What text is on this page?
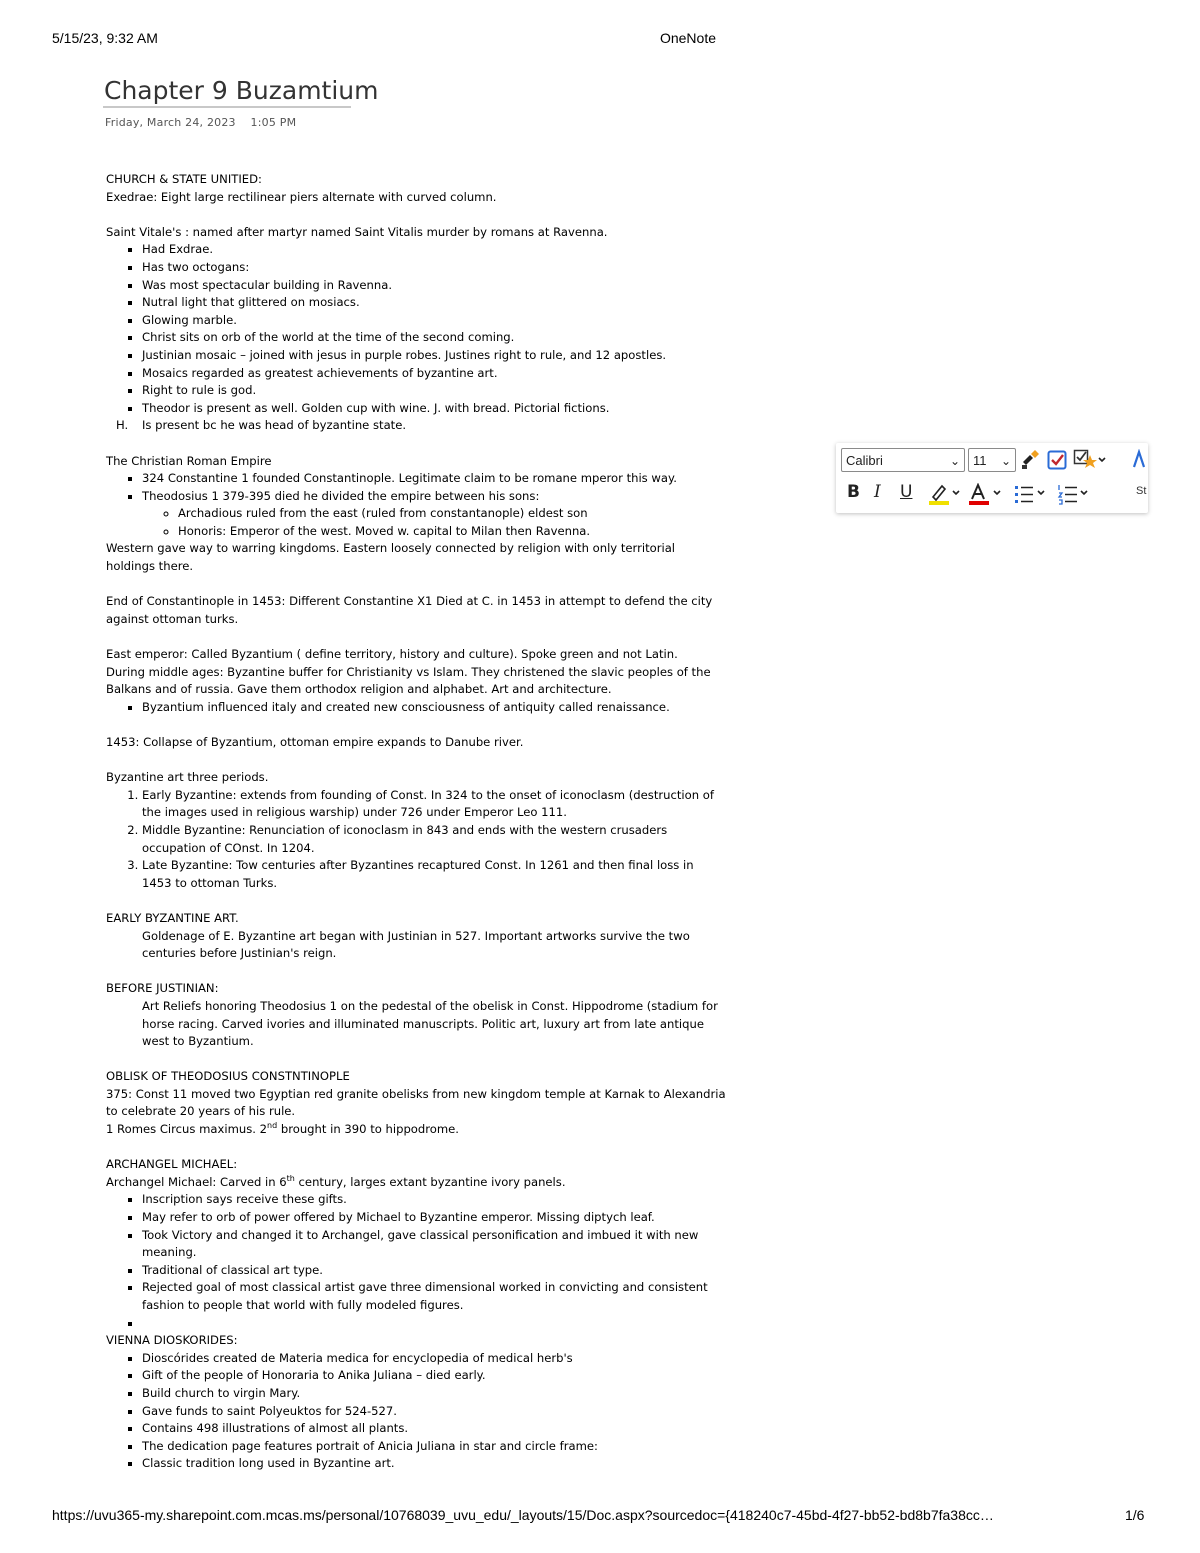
5/15/23, 9:32 AM	OneNote
Chapter 9 Buzamtium
Friday, March 24, 2023 1:05 PM

CHURCH & STATE UNITIED:

Exedrae: Eight large rectilinear piers alternate with curved column.

Saint Vitale's : named after martyr named Saint Vitalis murder by romans at Ravenna.

▪ Had Exdrae.
▪ Has two octogans:
▪ Was most spectacular building in Ravenna.
▪ Nutral light that glittered on mosiacs.
▪ Glowing marble.
▪ Christ sits on orb of the world at the time of the second coming.
▪ Justinian mosaic – joined with jesus in purple robes. Justines right to rule, and 12 apostles.
▪ Mosaics regarded as greatest achievements of byzantine art.
▪ Right to rule is god.
▪ Theodor is present as well. Golden cup with wine. J. with bread. Pictorial fictions.

H. Is present bc he was head of byzantine state.

The Christian Roman Empire

▪ 324 Constantine 1 founded Constantinople. Legitimate claim to be romane mperor this way.
▪ Theodosius 1 379-395 died he divided the empire between his sons:
◦ Archadious ruled from the east (ruled from constantanople) eldest son
◦ Honoris: Emperor of the west. Moved w. capital to Milan then Ravenna.

Western gave way to warring kingdoms. Eastern loosely connected by religion with only territorial holdings there.

End of Constantinople in 1453: Different Constantine X1 Died at C. in 1453 in attempt to defend the city against ottoman turks.

East emperor: Called Byzantium ( define territory, history and culture). Spoke green and not Latin.

During middle ages: Byzantine buffer for Christianity vs Islam. They christened the slavic peoples of the Balkans and of russia. Gave them orthodox religion and alphabet. Art and architecture.

▪ Byzantium influenced italy and created new consciousness of antiquity called renaissance.

1453: Collapse of Byzantium, ottoman empire expands to Danube river.

Byzantine art three periods.

1. Early Byzantine: extends from founding of Const. In 324 to the onset of iconoclasm (destruction of the images used in religious warship) under 726 under Emperor Leo 111.
2. Middle Byzantine: Renunciation of iconoclasm in 843 and ends with the western crusaders occupation of COnst. In 1204.
3. Late Byzantine: Tow centuries after Byzantines recaptured Const. In 1261 and then final loss in 1453 to ottoman Turks.

EARLY BYZANTINE ART.

Goldenage of E. Byzantine art began with Justinian in 527. Important artworks survive the two centuries before Justinian's reign.

BEFORE JUSTINIAN:

Art Reliefs honoring Theodosius 1 on the pedestal of the obelisk in Const. Hippodrome (stadium for horse racing. Carved ivories and illuminated manuscripts. Politic art, luxury art from late antique west to Byzantium.

OBLISK OF THEODOSIUS CONSTNTINOPLE

375: Const 11 moved two Egyptian red granite obelisks from new kingdom temple at Karnak to Alexandria to celebrate 20 years of his rule.

1 Romes Circus maximus. 2nd brought in 390 to hippodrome.

ARCHANGEL MICHAEL:

Archangel Michael: Carved in 6th century, larges extant byzantine ivory panels.

▪ Inscription says receive these gifts.
▪ May refer to orb of power offered by Michael to Byzantine emperor. Missing diptych leaf.
▪ Took Victory and changed it to Archangel, gave classical personification and imbued it with new meaning.
▪ Traditional of classical art type.
▪ Rejected goal of most classical artist gave three dimensional worked in convicting and consistent fashion to people that world with fully modeled figures.
▪

VIENNA DIOSKORIDES:

▪ Dioscórides created de Materia medica for encyclopedia of medical herb's
▪ Gift of the people of Honoraria to Anika Juliana – died early.
▪ Build church to virgin Mary.
▪ Gave funds to saint Polyeuktos for 524-527.
▪ Contains 498 illustrations of almost all plants.
▪ The dedication page features portrait of Anicia Juliana in star and circle frame:
▪ Classic tradition long used in Byzantine art.
Calibri	⌄	11 ⌄
B I U	St
https://uvu365-my.sharepoint.com.mcas.ms/personal/10768039_uvu_edu/_layouts/15/Doc.aspx?sourcedoc={418240c7-45bd-4f27-bb52-bd8b7fa38cc…	1/6
